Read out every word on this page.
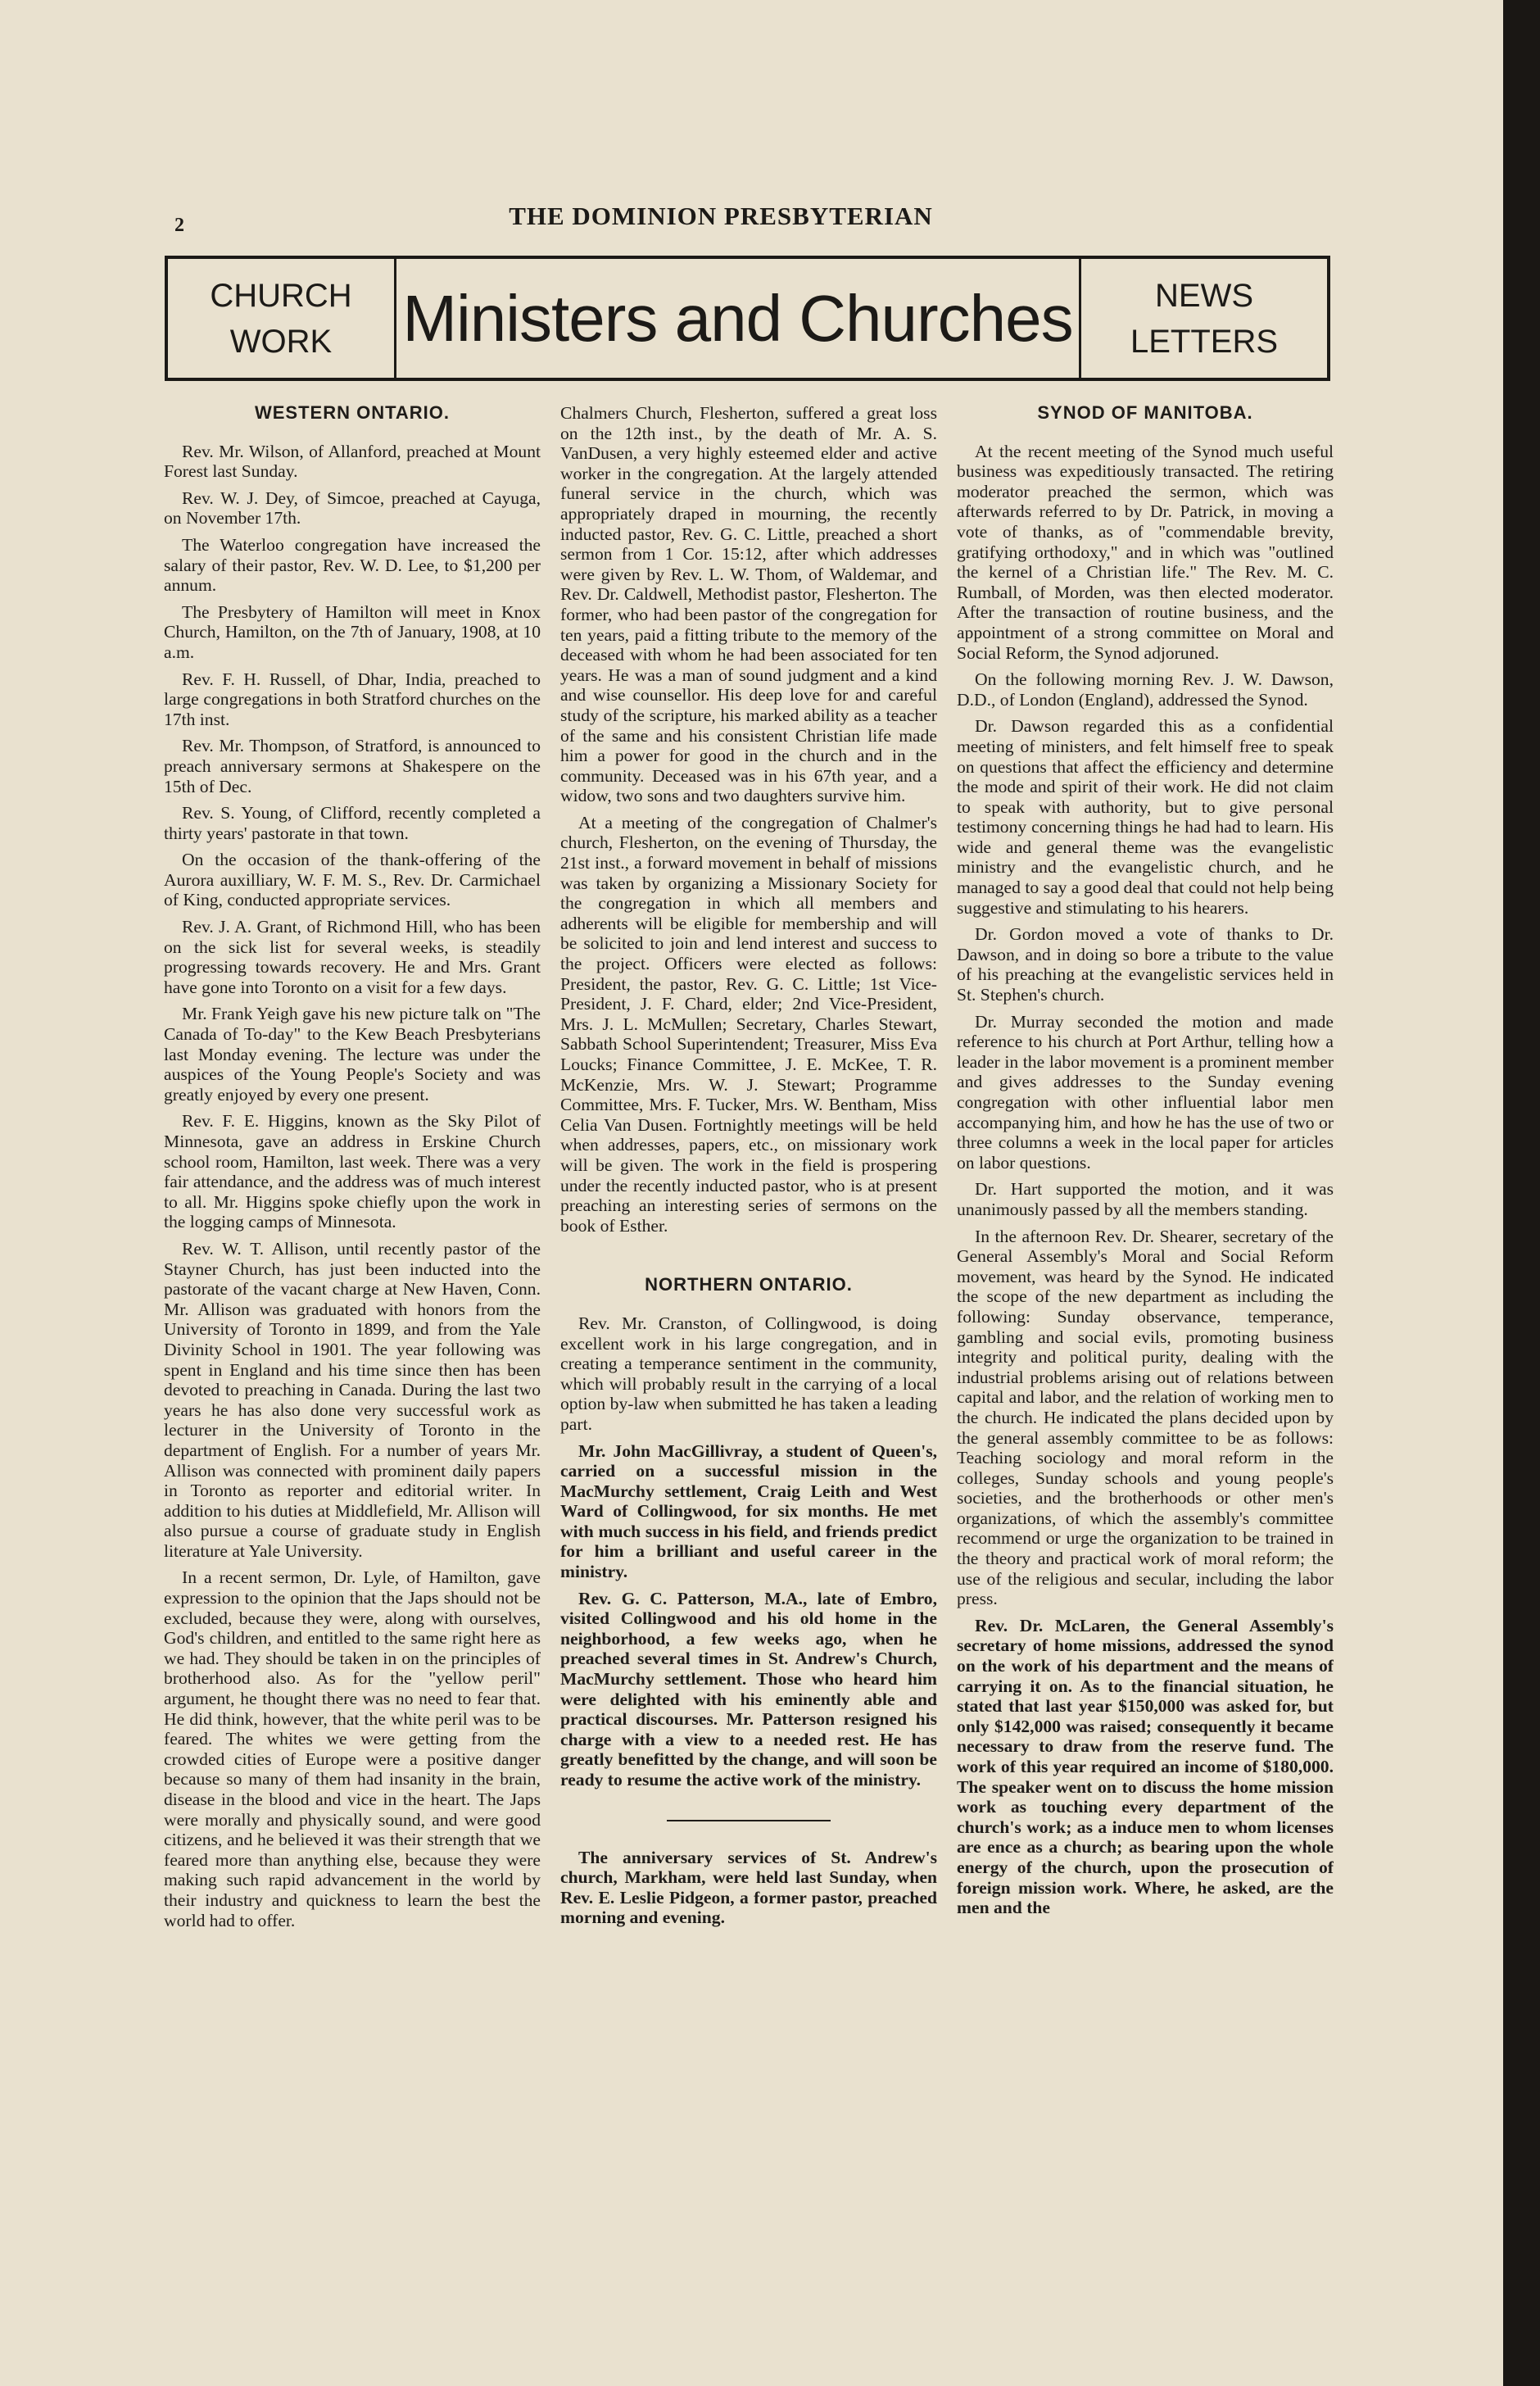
2	THE DOMINION PRESBYTERIAN
CHURCH
WORK Ministers and Churches	NEWS
LETTERS
WESTERN ONTARIO.

Rev. Mr. Wilson, of Allanford, preached at Mount Forest last Sunday.

Rev. W. J. Dey, of Simcoe, preached at Cayuga, on November 17th.

The Waterloo congregation have increased the salary of their pastor, Rev. W. D. Lee, to $1,200 per annum.

The Presbytery of Hamilton will meet in Knox Church, Hamilton, on the 7th of January, 1908, at 10 a.m.

Rev. F. H. Russell, of Dhar, India, preached to large congregations in both Stratford churches on the 17th inst.

Rev. Mr. Thompson, of Stratford, is announced to preach anniversary sermons at Shakespere on the 15th of Dec.

Rev. S. Young, of Clifford, recently completed a thirty years' pastorate in that town.

On the occasion of the thank-offering of the Aurora auxilliary, W. F. M. S., Rev. Dr. Carmichael of King, conducted appropriate services.

Rev. J. A. Grant, of Richmond Hill, who has been on the sick list for several weeks, is steadily progressing towards recovery. He and Mrs. Grant have gone into Toronto on a visit for a few days.

Mr. Frank Yeigh gave his new picture talk on "The Canada of To-day" to the Kew Beach Presbyterians last Monday evening. The lecture was under the auspices of the Young People's Society and was greatly enjoyed by every one present.

Rev. F. E. Higgins, known as the Sky Pilot of Minnesota, gave an address in Erskine Church school room, Hamilton, last week. There was a very fair attendance, and the address was of much interest to all. Mr. Higgins spoke chiefly upon the work in the logging camps of Minnesota.

Rev. W. T. Allison, until recently pastor of the Stayner Church, has just been inducted into the pastorate of the vacant charge at New Haven, Conn. Mr. Allison was graduated with honors from the University of Toronto in 1899, and from the Yale Divinity School in 1901. The year following was spent in England and his time since then has been devoted to preaching in Canada. During the last two years he has also done very successful work as lecturer in the University of Toronto in the department of English. For a number of years Mr. Allison was connected with prominent daily papers in Toronto as reporter and editorial writer. In addition to his duties at Middlefield, Mr. Allison will also pursue a course of graduate study in English literature at Yale University.

In a recent sermon, Dr. Lyle, of Hamilton, gave expression to the opinion that the Japs should not be excluded, because they were, along with ourselves, God's children, and entitled to the same right here as we had. They should be taken in on the principles of brotherhood also. As for the "yellow peril" argument, he thought there was no need to fear that. He did think, however, that the white peril was to be feared. The whites we were getting from the crowded cities of Europe were a positive danger because so many of them had insanity in the brain, disease in the blood and vice in the heart. The Japs were morally and physically sound, and were good citizens, and he believed it was their strength that we feared more than anything else, because they were making such rapid advancement in the world by their industry and quickness to learn the best the world had to offer.

Chalmers Church, Flesherton, suffered a great loss on the 12th inst., by the death of Mr. A. S. VanDusen, a very highly esteemed elder and active worker in the congregation. At the largely attended funeral service in the church, which was appropriately draped in mourning, the recently inducted pastor, Rev. G. C. Little, preached a short sermon from 1 Cor. 15:12, after which addresses were given by Rev. L. W. Thom, of Waldemar, and Rev. Dr. Caldwell, Methodist pastor, Flesherton. The former, who had been pastor of the congregation for ten years, paid a fitting tribute to the memory of the deceased with whom he had been associated for ten years. He was a man of sound judgment and a kind and wise counsellor. His deep love for and careful study of the scripture, his marked ability as a teacher of the same and his consistent Christian life made him a power for good in the church and in the community. Deceased was in his 67th year, and a widow, two sons and two daughters survive him.

At a meeting of the congregation of Chalmer's church, Flesherton, on the evening of Thursday, the 21st inst., a forward movement in behalf of missions was taken by organizing a Missionary Society for the congregation in which all members and adherents will be eligible for membership and will be solicited to join and lend interest and success to the project. Officers were elected as follows: President, the pastor, Rev. G. C. Little; 1st Vice-President, J. F. Chard, elder; 2nd Vice-President, Mrs. J. L. McMullen; Secretary, Charles Stewart, Sabbath School Superintendent; Treasurer, Miss Eva Loucks; Finance Committee, J. E. McKee, T. R. McKenzie, Mrs. W. J. Stewart; Programme Committee, Mrs. F. Tucker, Mrs. W. Bentham, Miss Celia Van Dusen. Fortnightly meetings will be held when addresses, papers, etc., on missionary work will be given. The work in the field is prospering under the recently inducted pastor, who is at present preaching an interesting series of sermons on the book of Esther.

NORTHERN ONTARIO.

Rev. Mr. Cranston, of Collingwood, is doing excellent work in his large congregation, and in creating a temperance sentiment in the community, which will probably result in the carrying of a local option by-law when submitted he has taken a leading part.

Mr. John MacGillivray, a student of Queen's, carried on a successful mission in the MacMurchy settlement, Craig Leith and West Ward of Collingwood, for six months. He met with much success in his field, and friends predict for him a brilliant and useful career in the ministry.

Rev. G. C. Patterson, M.A., late of Embro, visited Collingwood and his old home in the neighborhood, a few weeks ago, when he preached several times in St. Andrew's Church, MacMurchy settlement. Those who heard him were delighted with his eminently able and practical discourses. Mr. Patterson resigned his charge with a view to a needed rest. He has greatly benefitted by the change, and will soon be ready to resume the active work of the ministry.

The anniversary services of St. Andrew's church, Markham, were held last Sunday, when Rev. E. Leslie Pidgeon, a former pastor, preached morning and evening.

SYNOD OF MANITOBA.

At the recent meeting of the Synod much useful business was expeditiously transacted. The retiring moderator preached the sermon, which was afterwards referred to by Dr. Patrick, in moving a vote of thanks, as of "commendable brevity, gratifying orthodoxy," and in which was "outlined the kernel of a Christian life." The Rev. M. C. Rumball, of Morden, was then elected moderator. After the transaction of routine business, and the appointment of a strong committee on Moral and Social Reform, the Synod adjoruned.

On the following morning Rev. J. W. Dawson, D.D., of London (England), addressed the Synod.

Dr. Dawson regarded this as a confidential meeting of ministers, and felt himself free to speak on questions that affect the efficiency and determine the mode and spirit of their work. He did not claim to speak with authority, but to give personal testimony concerning things he had had to learn. His wide and general theme was the evangelistic ministry and the evangelistic church, and he managed to say a good deal that could not help being suggestive and stimulating to his hearers.

Dr. Gordon moved a vote of thanks to Dr. Dawson, and in doing so bore a tribute to the value of his preaching at the evangelistic services held in St. Stephen's church.

Dr. Murray seconded the motion and made reference to his church at Port Arthur, telling how a leader in the labor movement is a prominent member and gives addresses to the Sunday evening congregation with other influential labor men accompanying him, and how he has the use of two or three columns a week in the local paper for articles on labor questions.

Dr. Hart supported the motion, and it was unanimously passed by all the members standing.

In the afternoon Rev. Dr. Shearer, secretary of the General Assembly's Moral and Social Reform movement, was heard by the Synod. He indicated the scope of the new department as including the following: Sunday observance, temperance, gambling and social evils, promoting business integrity and political purity, dealing with the industrial problems arising out of relations between capital and labor, and the relation of working men to the church. He indicated the plans decided upon by the general assembly committee to be as follows: Teaching sociology and moral reform in the colleges, Sunday schools and young people's societies, and the brotherhoods or other men's organizations, of which the assembly's committee recommend or urge the organization to be trained in the theory and practical work of moral reform; the use of the religious and secular, including the labor press.

Rev. Dr. McLaren, the General Assembly's secretary of home missions, addressed the synod on the work of his department and the means of carrying it on. As to the financial situation, he stated that last year $150,000 was asked for, but only $142,000 was raised; consequently it became necessary to draw from the reserve fund. The work of this year required an income of $180,000. The speaker went on to discuss the home mission work as touching every department of the church's work; as a induce men to whom licenses are ence as a church; as bearing upon the whole energy of the church, upon the prosecution of foreign mission work. Where, he asked, are the men and the
